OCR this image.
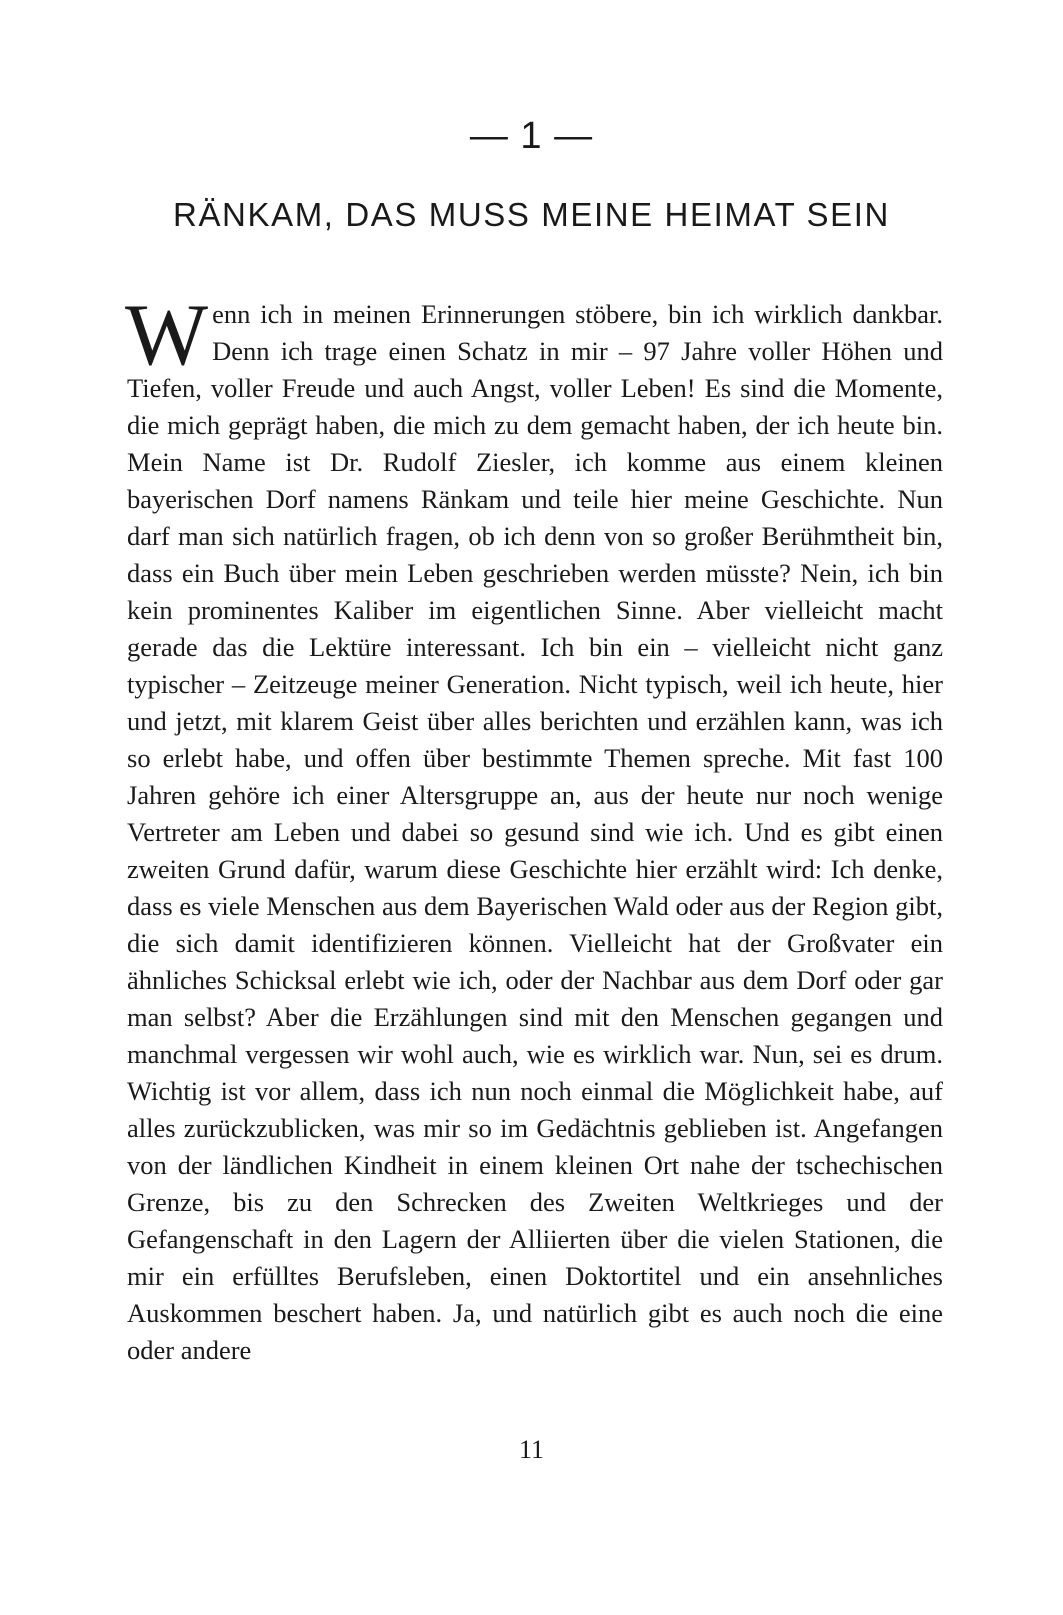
— 1 —
RÄNKAM, DAS MUSS MEINE HEIMAT SEIN

Wenn ich in meinen Erinnerungen stöbere, bin ich wirklich dankbar. Denn ich trage einen Schatz in mir – 97 Jahre voller Höhen und Tiefen, voller Freude und auch Angst, voller Leben! Es sind die Momente, die mich geprägt haben, die mich zu dem gemacht haben, der ich heute bin. Mein Name ist Dr. Rudolf Ziesler, ich komme aus einem kleinen bayerischen Dorf namens Ränkam und teile hier meine Geschichte. Nun darf man sich natürlich fragen, ob ich denn von so großer Berühmtheit bin, dass ein Buch über mein Leben geschrieben werden müsste? Nein, ich bin kein prominentes Kaliber im eigentlichen Sinne. Aber vielleicht macht gerade das die Lektüre interessant. Ich bin ein – vielleicht nicht ganz typischer – Zeitzeuge meiner Generation. Nicht typisch, weil ich heute, hier und jetzt, mit klarem Geist über alles berichten und erzählen kann, was ich so erlebt habe, und offen über bestimmte Themen spreche. Mit fast 100 Jahren gehöre ich einer Altersgruppe an, aus der heute nur noch wenige Vertreter am Leben und dabei so gesund sind wie ich. Und es gibt einen zweiten Grund dafür, warum diese Geschichte hier erzählt wird: Ich denke, dass es viele Menschen aus dem Bayerischen Wald oder aus der Region gibt, die sich damit identifizieren können. Vielleicht hat der Großvater ein ähnliches Schicksal erlebt wie ich, oder der Nachbar aus dem Dorf oder gar man selbst? Aber die Erzählungen sind mit den Menschen gegangen und manchmal vergessen wir wohl auch, wie es wirklich war. Nun, sei es drum. Wichtig ist vor allem, dass ich nun noch einmal die Möglichkeit habe, auf alles zurückzublicken, was mir so im Gedächtnis geblieben ist. Angefangen von der ländlichen Kindheit in einem kleinen Ort nahe der tschechischen Grenze, bis zu den Schrecken des Zweiten Weltkrieges und der Gefangenschaft in den Lagern der Alliierten über die vielen Stationen, die mir ein erfülltes Berufsleben, einen Doktortitel und ein ansehnliches Auskommen beschert haben. Ja, und natürlich gibt es auch noch die eine oder andere

11
